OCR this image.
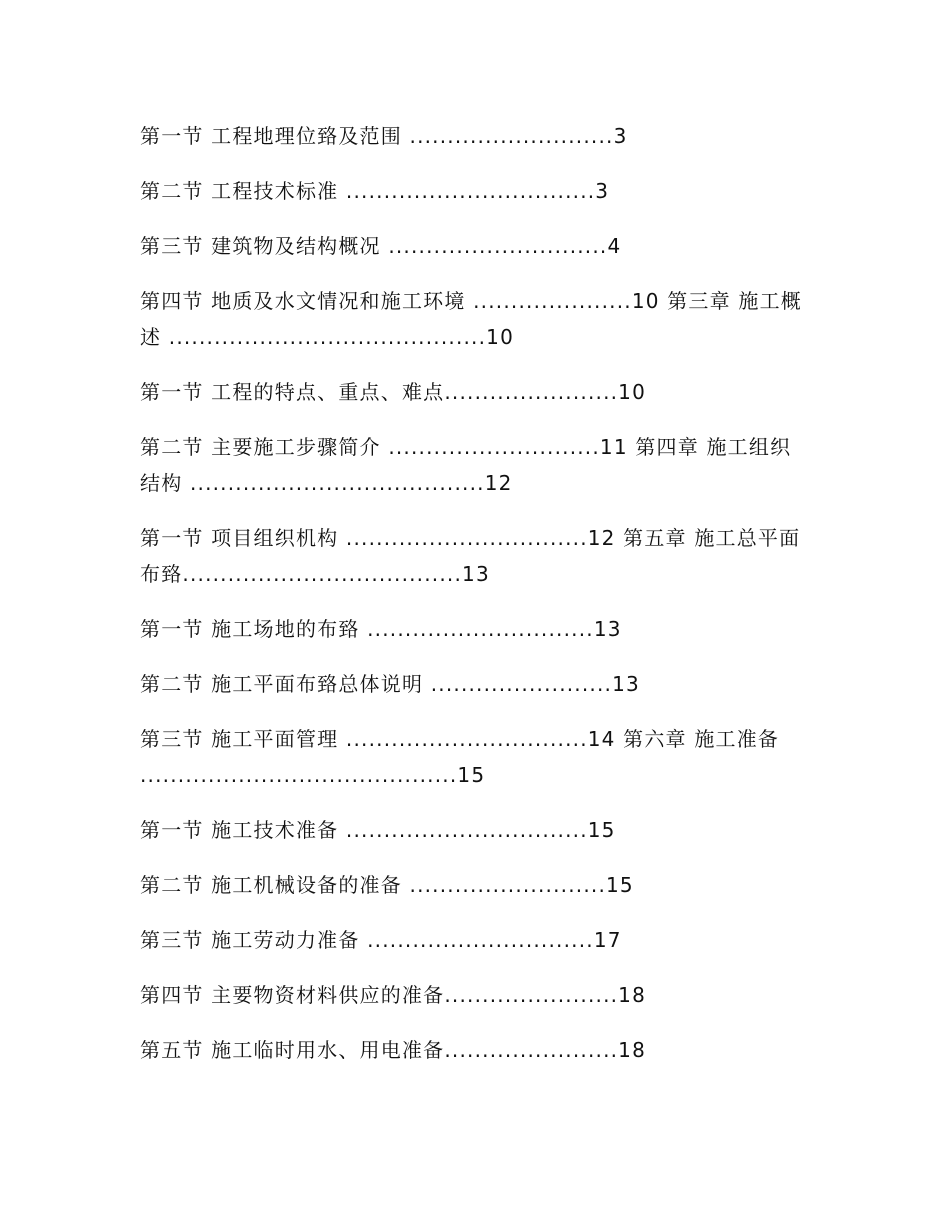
第一节 工程地理位臵及范围 ...........................3
第二节 工程技术标准 .................................3
第三节 建筑物及结构概况 .............................4
第四节 地质及水文情况和施工环境 .....................10 第三章 施工概述 ..........................................10
第一节 工程的特点、重点、难点.......................10
第二节 主要施工步骤简介 ............................11 第四章 施工组织结构 .......................................12
第一节 项目组织机构 ................................12 第五章 施工总平面布臵.....................................13
第一节 施工场地的布臵 ..............................13
第二节 施工平面布臵总体说明 ........................13
第三节 施工平面管理 ................................14 第六章 施工准备 ..........................................15
第一节 施工技术准备 ................................15
第二节 施工机械设备的准备 ..........................15
第三节 施工劳动力准备 ..............................17
第四节 主要物资材料供应的准备.......................18
第五节 施工临时用水、用电准备.......................18
